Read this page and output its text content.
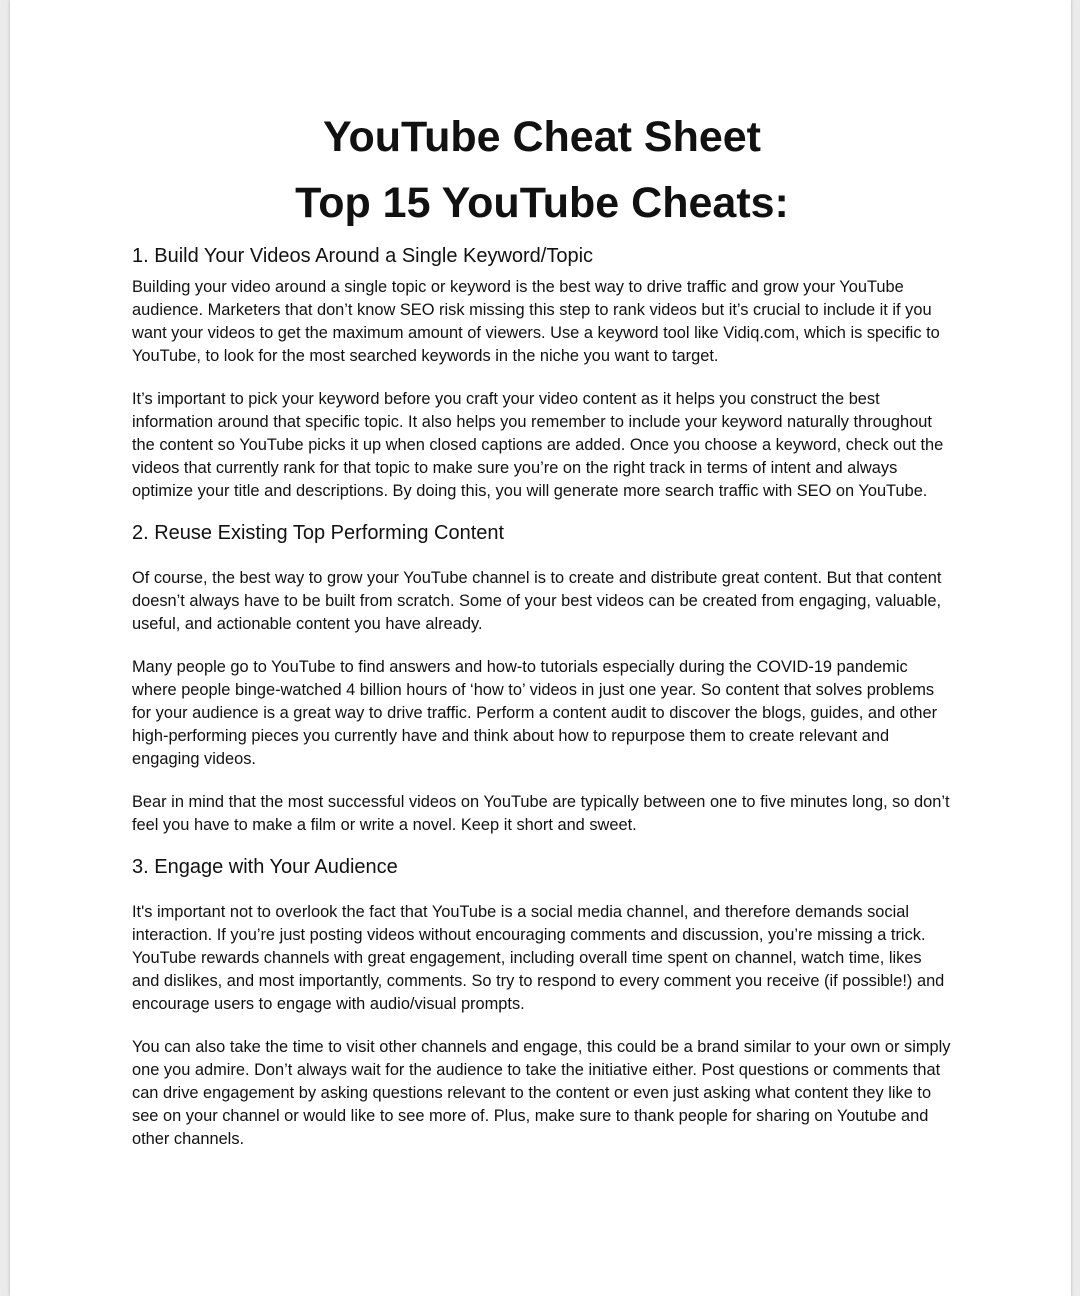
YouTube Cheat Sheet
Top 15 YouTube Cheats:
1. Build Your Videos Around a Single Keyword/Topic

Building your video around a single topic or keyword is the best way to drive traffic and grow your YouTube audience. Marketers that don’t know SEO risk missing this step to rank videos but it’s crucial to include it if you want your videos to get the maximum amount of viewers. Use a keyword tool like Vidiq.com, which is specific to YouTube, to look for the most searched keywords in the niche you want to target.

It’s important to pick your keyword before you craft your video content as it helps you construct the best information around that specific topic. It also helps you remember to include your keyword naturally throughout the content so YouTube picks it up when closed captions are added. Once you choose a keyword, check out the videos that currently rank for that topic to make sure you’re on the right track in terms of intent and always optimize your title and descriptions. By doing this, you will generate more search traffic with SEO on YouTube.

2. Reuse Existing Top Performing Content

Of course, the best way to grow your YouTube channel is to create and distribute great content. But that content doesn’t always have to be built from scratch. Some of your best videos can be created from engaging, valuable, useful, and actionable content you have already.

Many people go to YouTube to find answers and how-to tutorials especially during the COVID-19 pandemic where people binge-watched 4 billion hours of ‘how to’ videos in just one year. So content that solves problems for your audience is a great way to drive traffic. Perform a content audit to discover the blogs, guides, and other high-performing pieces you currently have and think about how to repurpose them to create relevant and engaging videos.

Bear in mind that the most successful videos on YouTube are typically between one to five minutes long, so don’t feel you have to make a film or write a novel. Keep it short and sweet.

3. Engage with Your Audience

It's important not to overlook the fact that YouTube is a social media channel, and therefore demands social interaction. If you’re just posting videos without encouraging comments and discussion, you’re missing a trick. YouTube rewards channels with great engagement, including overall time spent on channel, watch time, likes and dislikes, and most importantly, comments. So try to respond to every comment you receive (if possible!) and encourage users to engage with audio/visual prompts.

You can also take the time to visit other channels and engage, this could be a brand similar to your own or simply one you admire. Don’t always wait for the audience to take the initiative either. Post questions or comments that can drive engagement by asking questions relevant to the content or even just asking what content they like to see on your channel or would like to see more of. Plus, make sure to thank people for sharing on Youtube and other channels.
